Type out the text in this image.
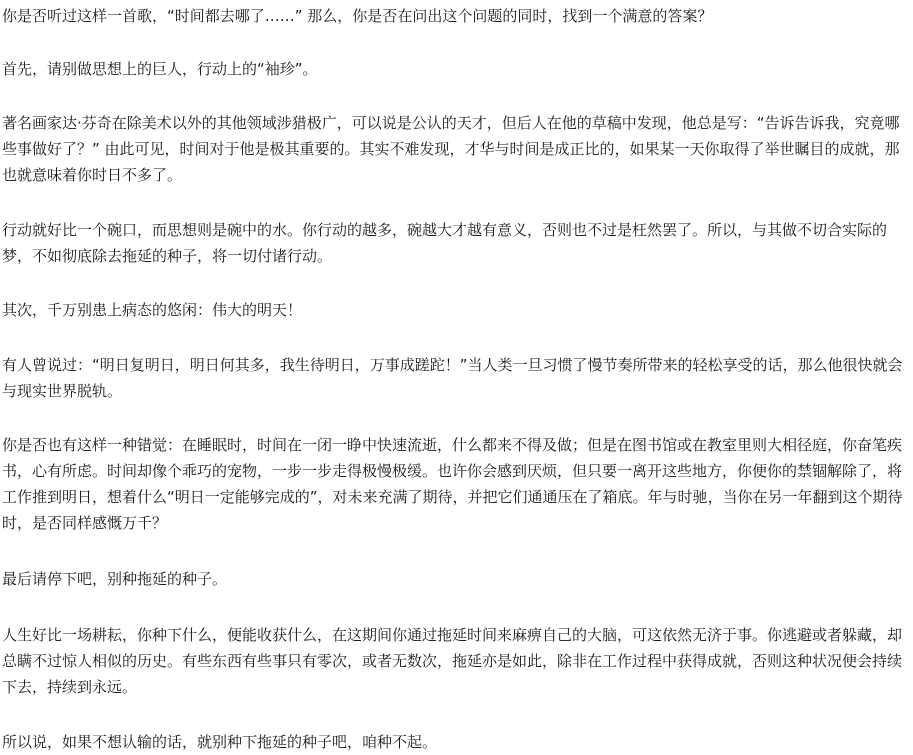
你是否听过这样一首歌，“时间都去哪了……” 那么，你是否在问出这个问题的同时，找到一个满意的答案？

首先，请别做思想上的巨人，行动上的“袖珍”。

著名画家达·芬奇在除美术以外的其他领域涉猎极广，可以说是公认的天才，但后人在他的草稿中发现，他总是写：“告诉告诉我，究竟哪些事做好了？” 由此可见，时间对于他是极其重要的。其实不难发现，才华与时间是成正比的，如果某一天你取得了举世瞩目的成就，那也就意味着你时日不多了。

行动就好比一个碗口，而思想则是碗中的水。你行动的越多，碗越大才越有意义，否则也不过是枉然罢了。所以，与其做不切合实际的梦，不如彻底除去拖延的种子，将一切付诸行动。

其次，千万别患上病态的悠闲：伟大的明天！

有人曾说过：“明日复明日，明日何其多，我生待明日，万事成蹉跎！”当人类一旦习惯了慢节奏所带来的轻松享受的话，那么他很快就会与现实世界脱轨。

你是否也有这样一种错觉：在睡眠时，时间在一闭一睁中快速流逝，什么都来不得及做；但是在图书馆或在教室里则大相径庭，你奋笔疾书，心有所虑。时间却像个乖巧的宠物，一步一步走得极慢极缓。也许你会感到厌烦，但只要一离开这些地方，你便你的禁锢解除了，将工作推到明日，想着什么“明日一定能够完成的”，对未来充满了期待，并把它们通通压在了箱底。年与时驰，当你在另一年翻到这个期待时，是否同样感慨万千？

最后请停下吧，别种拖延的种子。

人生好比一场耕耘，你种下什么，便能收获什么，在这期间你通过拖延时间来麻痹自己的大脑，可这依然无济于事。你逃避或者躲藏，却总瞒不过惊人相似的历史。有些东西有些事只有零次，或者无数次，拖延亦是如此，除非在工作过程中获得成就，否则这种状况便会持续下去，持续到永远。

所以说，如果不想认输的话，就别种下拖延的种子吧，咱种不起。
